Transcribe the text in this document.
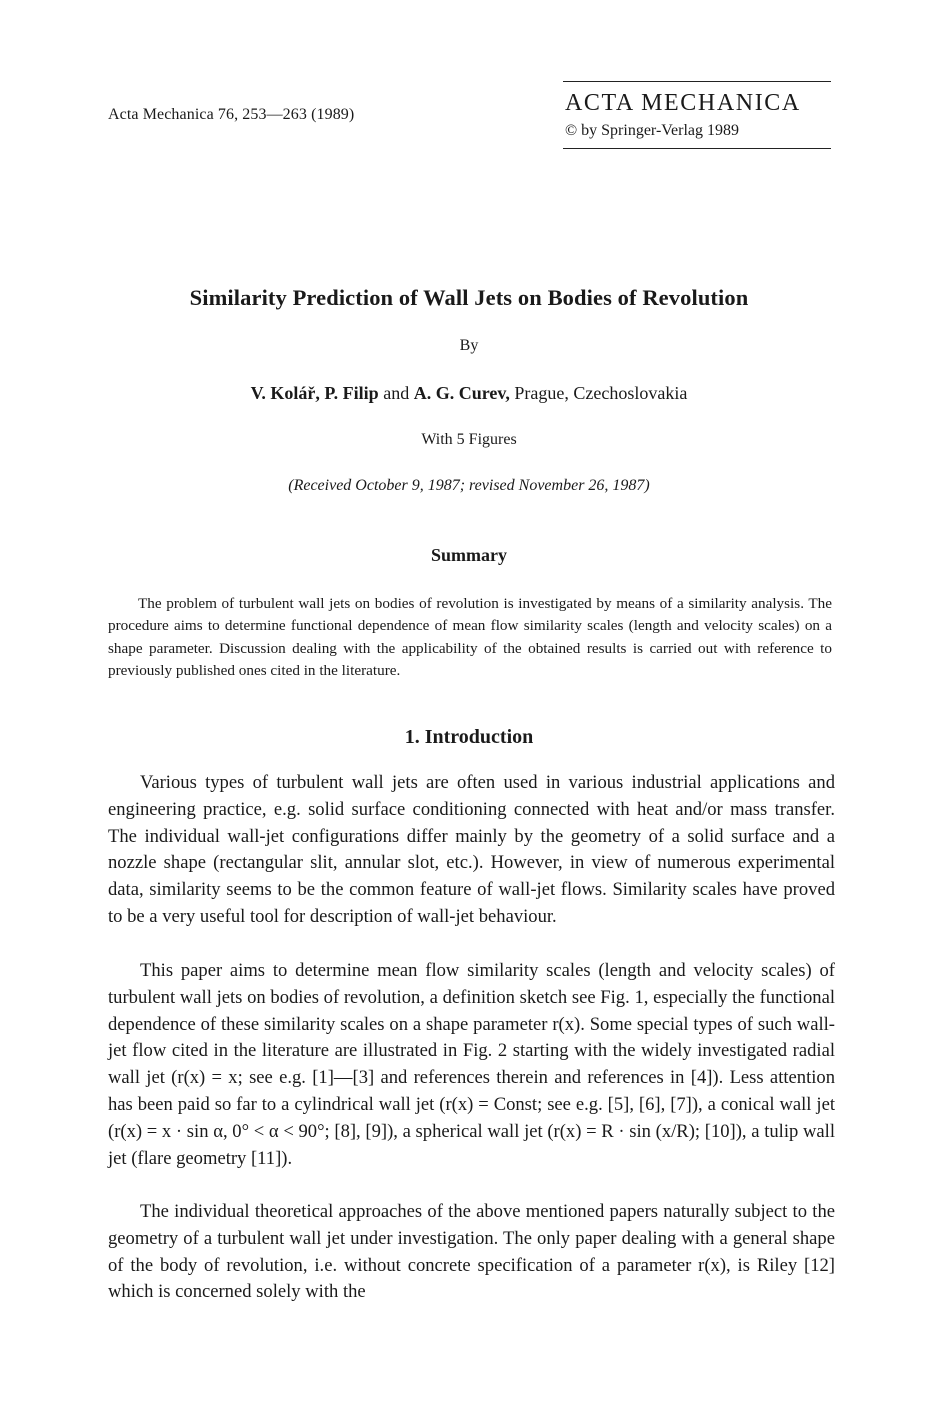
Acta Mechanica 76, 253—263 (1989)	ACTA MECHANICA
© by Springer-Verlag 1989
Similarity Prediction of Wall Jets on Bodies of Revolution
By
V. Kolář, P. Filip and A. G. Curev, Prague, Czechoslovakia
With 5 Figures
(Received October 9, 1987; revised November 26, 1987)
Summary

The problem of turbulent wall jets on bodies of revolution is investigated by means of a similarity analysis. The procedure aims to determine functional dependence of mean flow similarity scales (length and velocity scales) on a shape parameter. Discussion dealing with the applicability of the obtained results is carried out with reference to previously published ones cited in the literature.

1. Introduction

Various types of turbulent wall jets are often used in various industrial applications and engineering practice, e.g. solid surface conditioning connected with heat and/or mass transfer. The individual wall-jet configurations differ mainly by the geometry of a solid surface and a nozzle shape (rectangular slit, annular slot, etc.). However, in view of numerous experimental data, similarity seems to be the common feature of wall-jet flows. Similarity scales have proved to be a very useful tool for description of wall-jet behaviour.

This paper aims to determine mean flow similarity scales (length and velocity scales) of turbulent wall jets on bodies of revolution, a definition sketch see Fig. 1, especially the functional dependence of these similarity scales on a shape parameter r(x). Some special types of such wall-jet flow cited in the literature are illustrated in Fig. 2 starting with the widely investigated radial wall jet (r(x) = x; see e.g. [1]—[3] and references therein and references in [4]). Less attention has been paid so far to a cylindrical wall jet (r(x) = Const; see e.g. [5], [6], [7]), a conical wall jet (r(x) = x · sin α, 0° < α < 90°; [8], [9]), a spherical wall jet (r(x) = R · sin (x/R); [10]), a tulip wall jet (flare geometry [11]).

The individual theoretical approaches of the above mentioned papers naturally subject to the geometry of a turbulent wall jet under investigation. The only paper dealing with a general shape of the body of revolution, i.e. without concrete specification of a parameter r(x), is Riley [12] which is concerned solely with the
